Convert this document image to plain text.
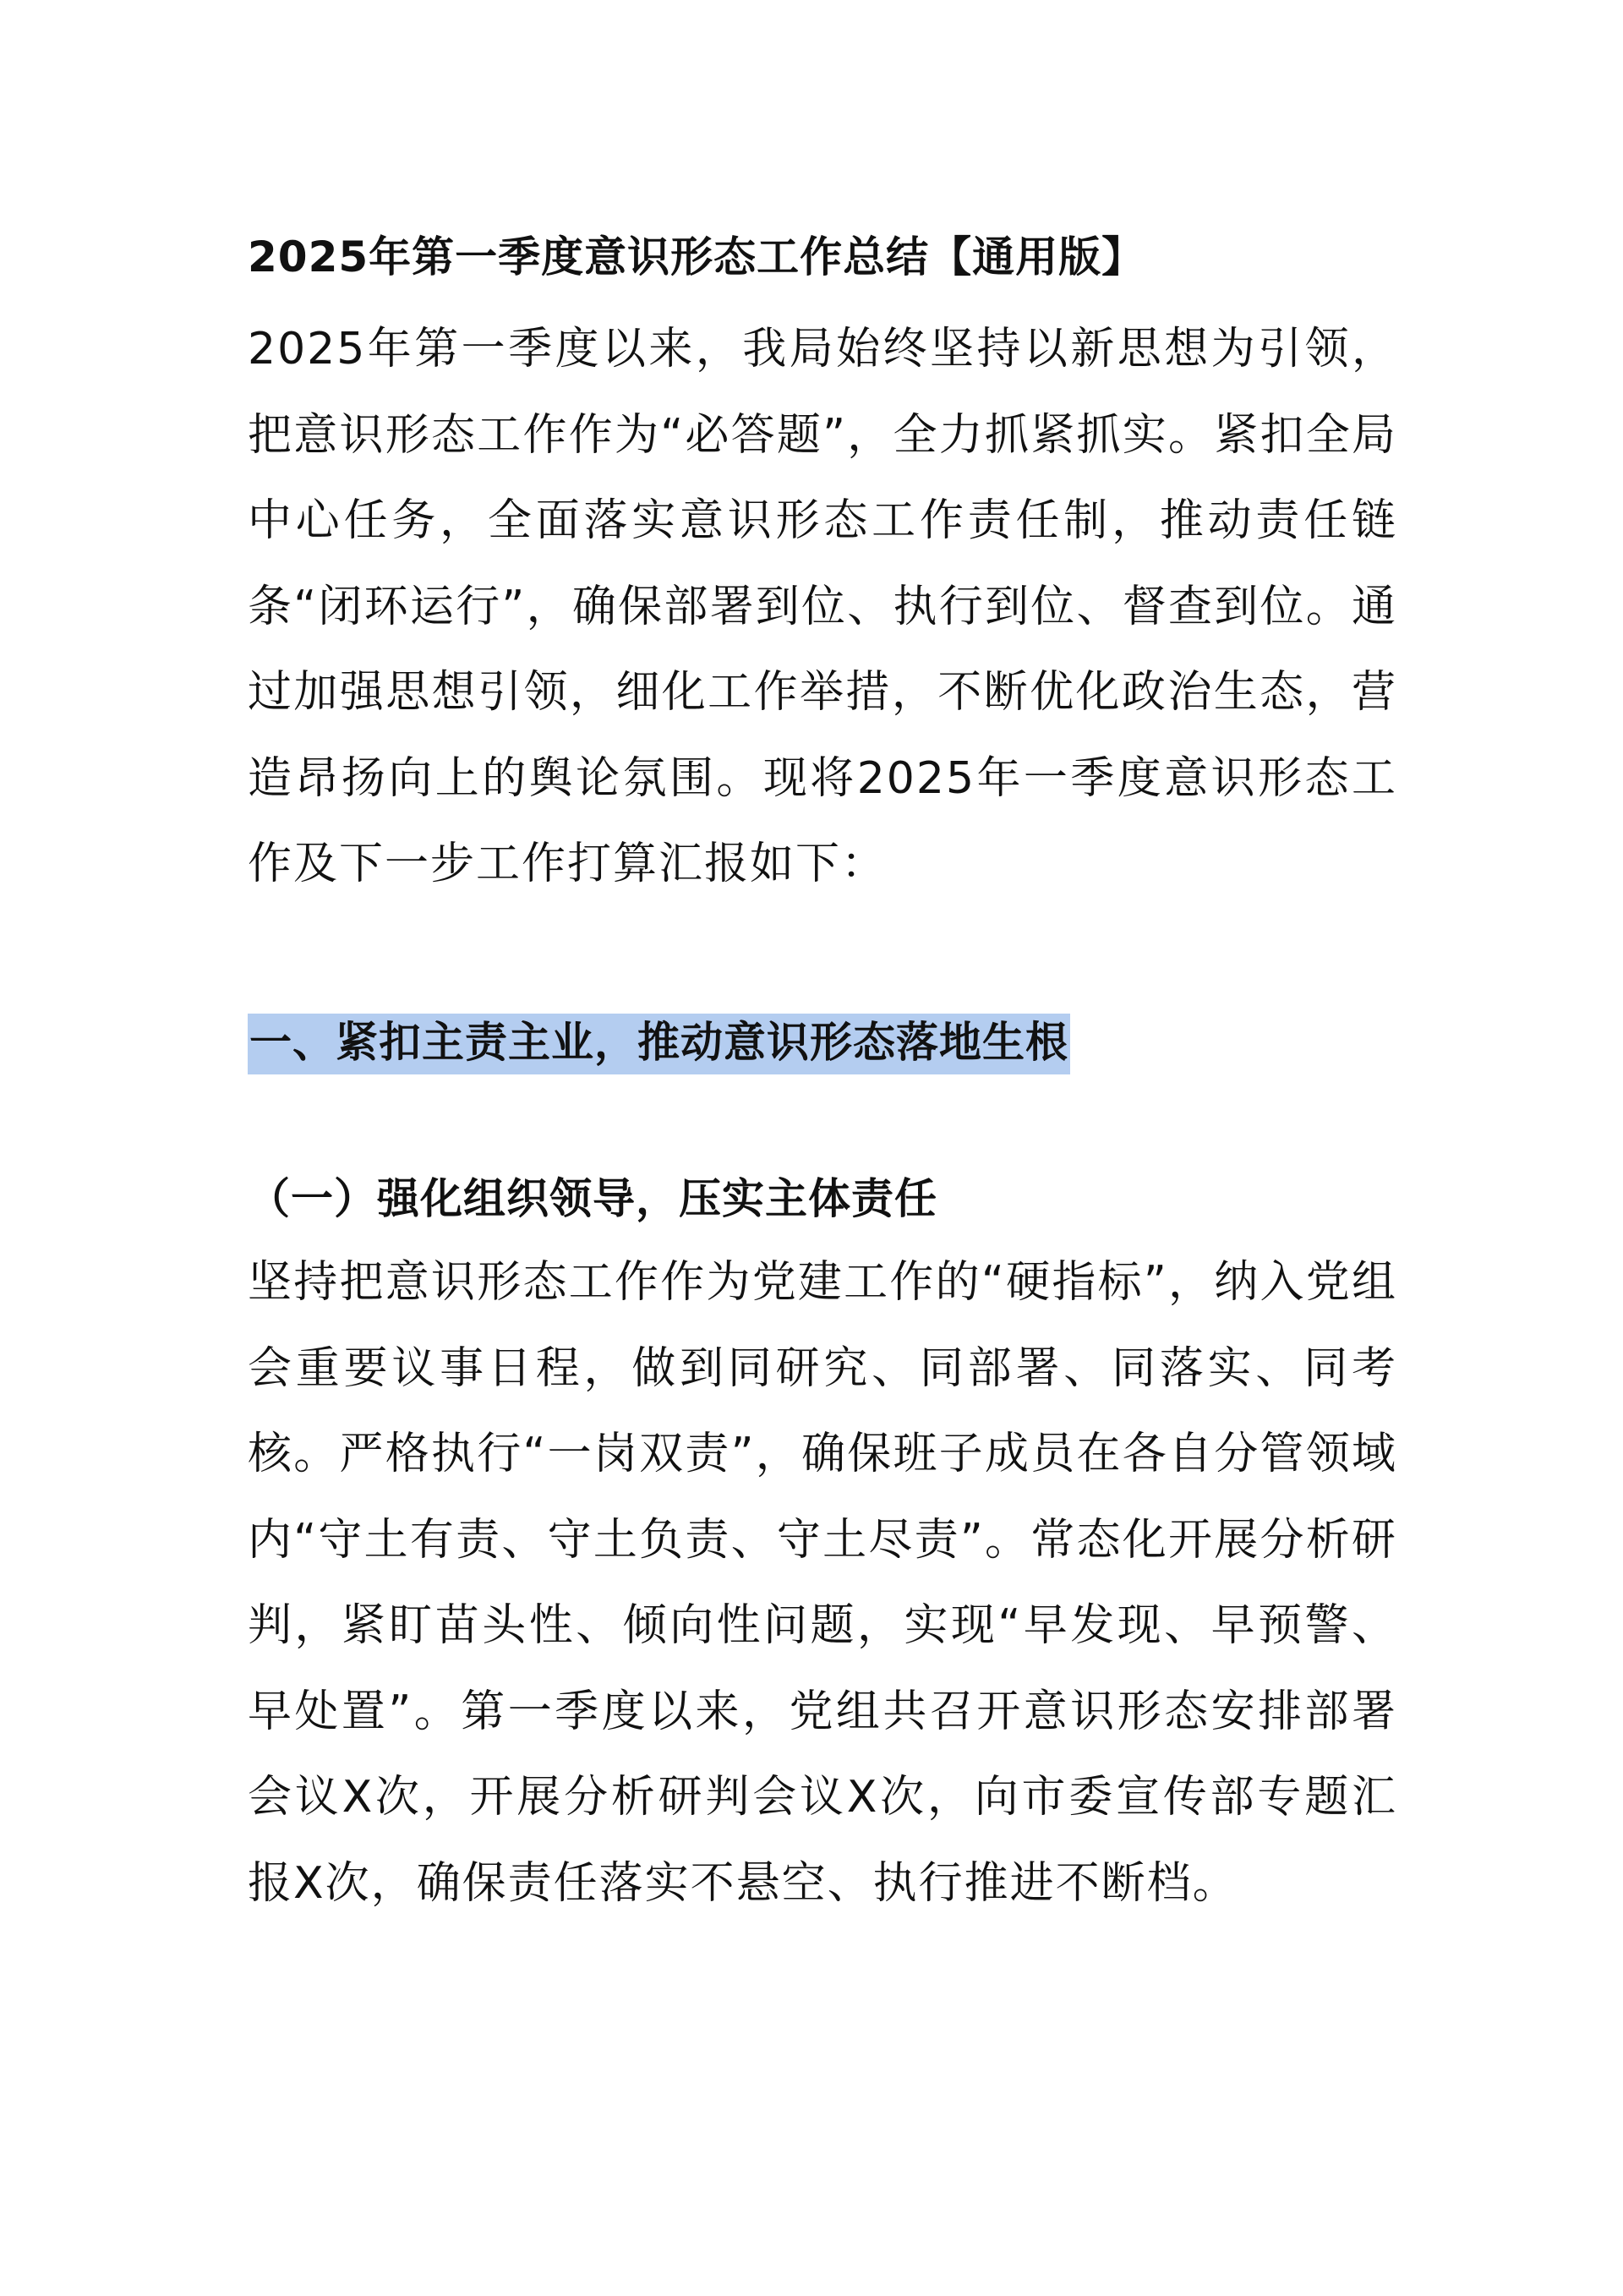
2025年第一季度意识形态工作总结【通用版】

2025年第一季度以来，我局始终坚持以新思想为引领，把意识形态工作作为“必答题”，全力抓紧抓实。紧扣全局中心任务，全面落实意识形态工作责任制，推动责任链条“闭环运行”，确保部署到位、执行到位、督查到位。通过加强思想引领，细化工作举措，不断优化政治生态，营造昂扬向上的舆论氛围。现将2025年一季度意识形态工作及下一步工作打算汇报如下：

一、紧扣主责主业，推动意识形态落地生根
（一）强化组织领导，压实主体责任

坚持把意识形态工作作为党建工作的“硬指标”，纳入党组会重要议事日程，做到同研究、同部署、同落实、同考核。严格执行“一岗双责”，确保班子成员在各自分管领域内“守土有责、守土负责、守土尽责”。常态化开展分析研判，紧盯苗头性、倾向性问题，实现“早发现、早预警、早处置”。第一季度以来，党组共召开意识形态安排部署会议X次，开展分析研判会议X次，向市委宣传部专题汇报X次，确保责任落实不悬空、执行推进不断档。
